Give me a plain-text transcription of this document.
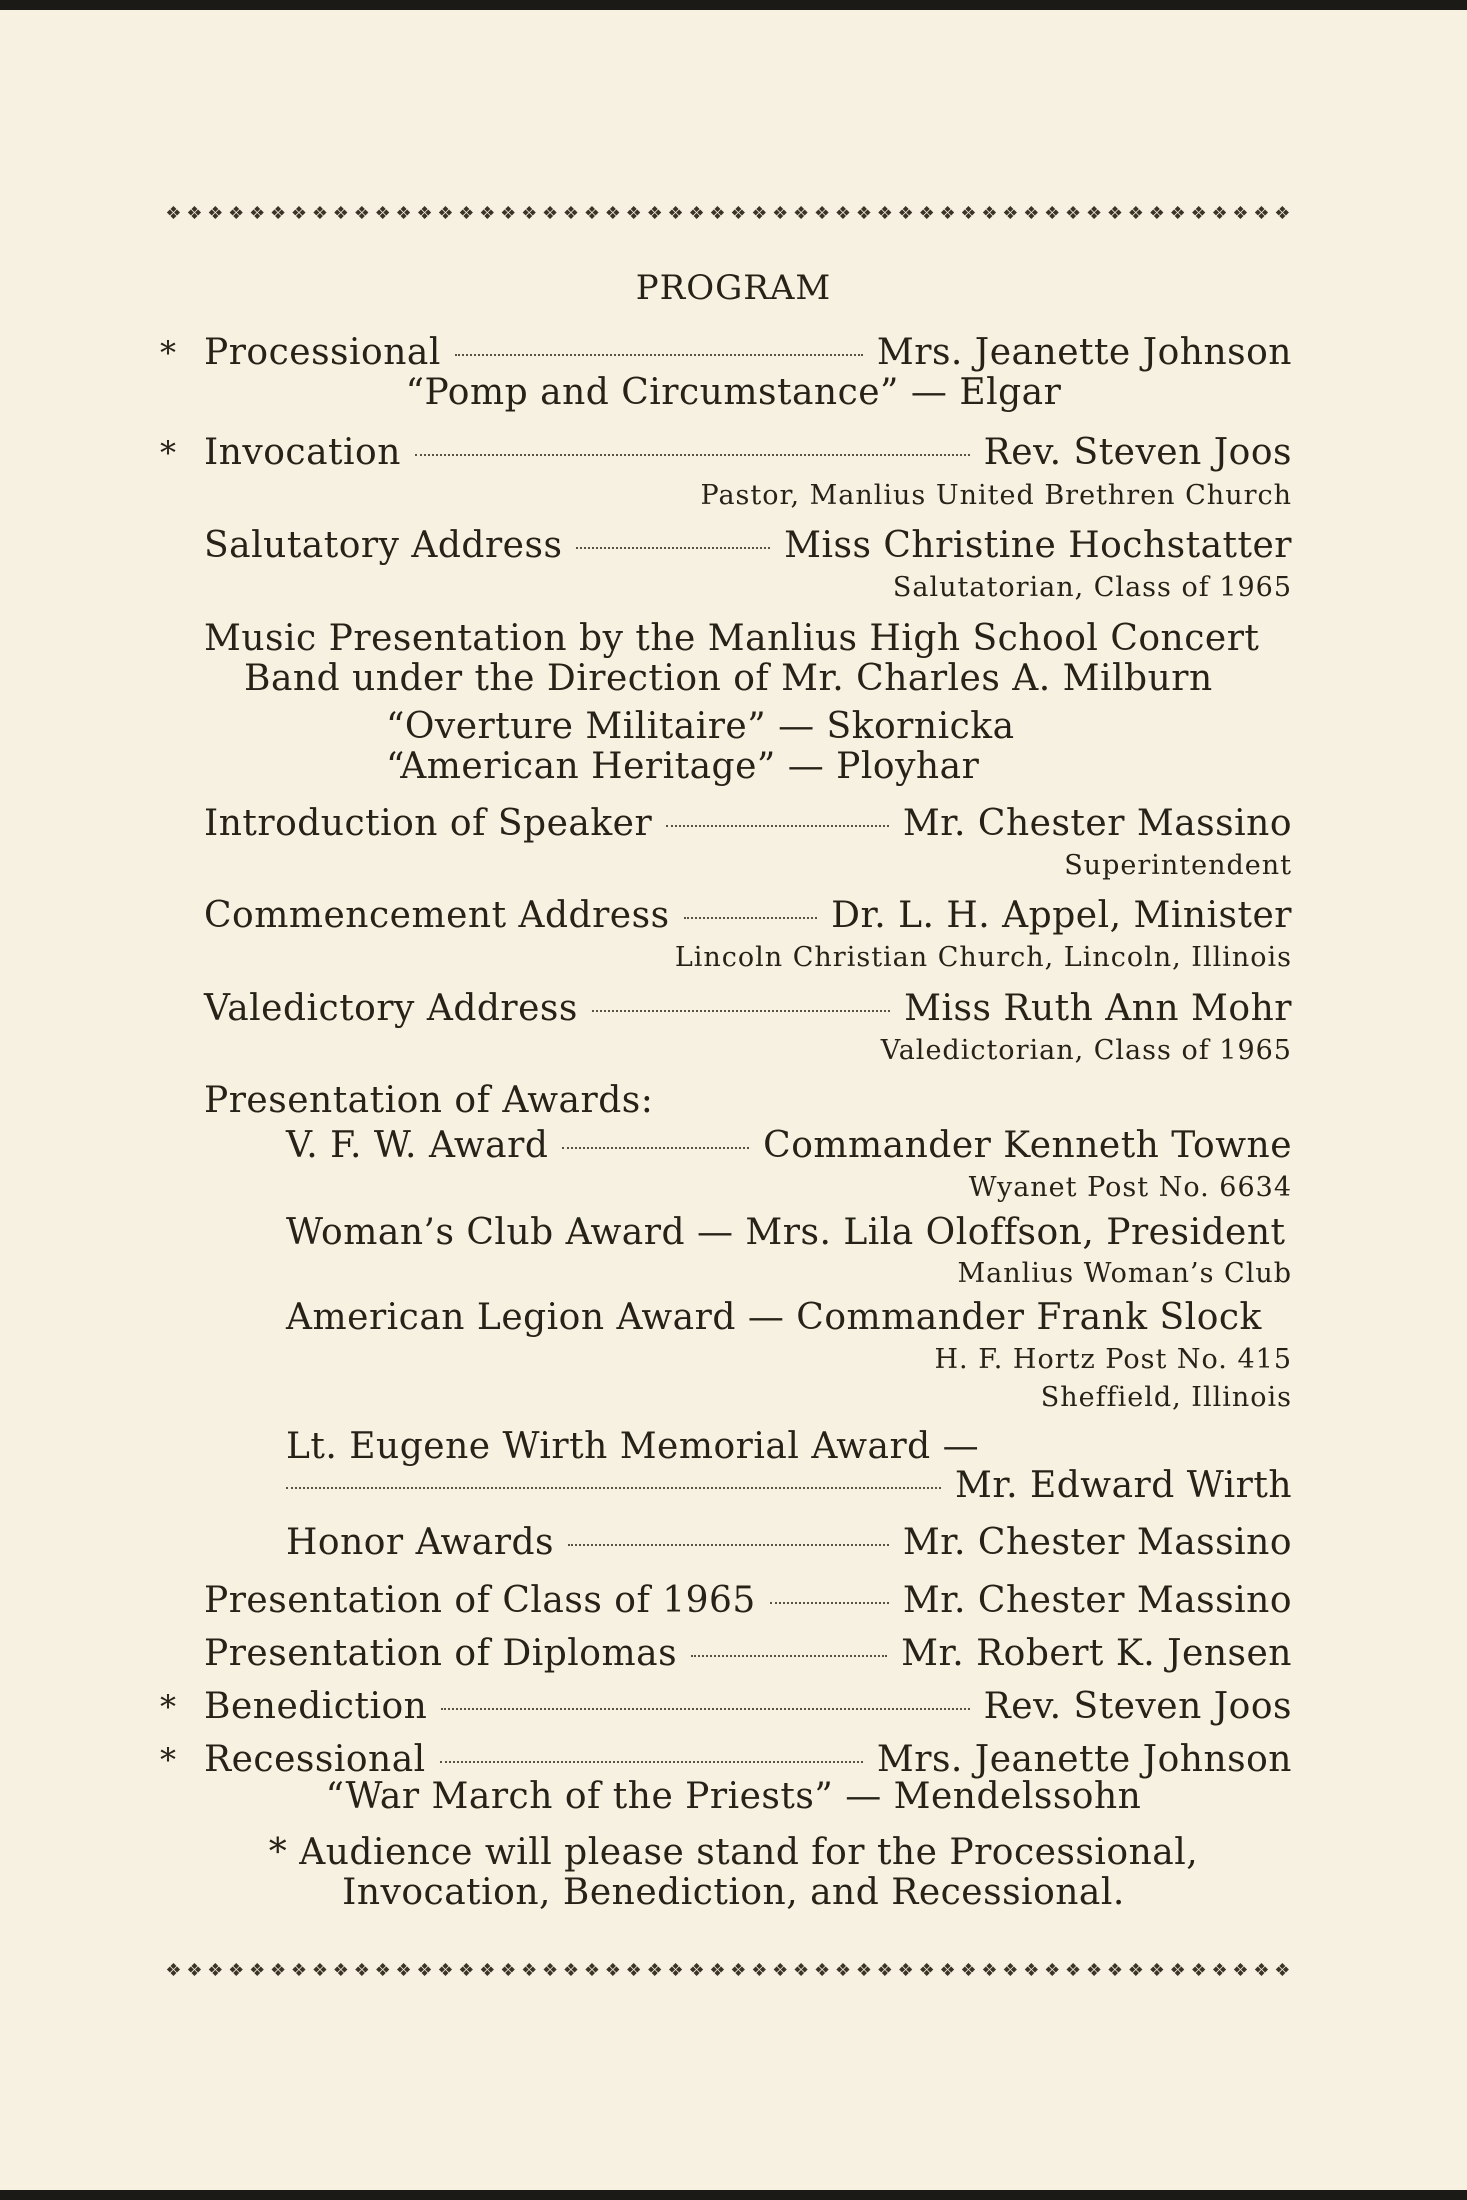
❖ ❖ ❖ ❖ ❖ ❖ ❖ ❖ ❖ ❖ ❖ ❖ ❖ ❖ ❖ ❖ ❖ ❖ ❖ ❖ ❖ ❖ ❖ ❖ ❖ ❖ ❖ ❖ ❖ ❖ ❖ ❖ ❖ ❖ ❖ ❖ ❖ ❖ ❖ ❖ ❖ ❖ ❖ ❖ ❖ ❖ ❖ ❖ ❖ ❖ ❖ ❖ ❖ ❖
PROGRAM
* Processional	Mrs. Jeanette Johnson
“Pomp and Circumstance” — Elgar
* Invocation	Rev. Steven Joos
Pastor, Manlius United Brethren Church
Salutatory Address	Miss Christine Hochstatter
Salutatorian, Class of 1965
Music Presentation by the Manlius High School Concert
Band under the Direction of Mr. Charles A. Milburn
“Overture Militaire” — Skornicka
“American Heritage” — Ployhar
Introduction of Speaker	Mr. Chester Massino
Superintendent
Commencement Address	Dr. L. H. Appel, Minister
Lincoln Christian Church, Lincoln, Illinois
Valedictory Address	Miss Ruth Ann Mohr
Valedictorian, Class of 1965
Presentation of Awards:
V. F. W. Award	Commander Kenneth Towne
Wyanet Post No. 6634
Woman’s Club Award — Mrs. Lila Oloffson, President
Manlius Woman’s Club
American Legion Award — Commander Frank Slock
H. F. Hortz Post No. 415
Sheffield, Illinois
Lt. Eugene Wirth Memorial Award —
Mr. Edward Wirth
Honor Awards	Mr. Chester Massino
Presentation of Class of 1965	Mr. Chester Massino
Presentation of Diplomas	Mr. Robert K. Jensen
* Benediction	Rev. Steven Joos
* Recessional	Mrs. Jeanette Johnson
“War March of the Priests” — Mendelssohn
* Audience will please stand for the Processional,
Invocation, Benediction, and Recessional.
❖ ❖ ❖ ❖ ❖ ❖ ❖ ❖ ❖ ❖ ❖ ❖ ❖ ❖ ❖ ❖ ❖ ❖ ❖ ❖ ❖ ❖ ❖ ❖ ❖ ❖ ❖ ❖ ❖ ❖ ❖ ❖ ❖ ❖ ❖ ❖ ❖ ❖ ❖ ❖ ❖ ❖ ❖ ❖ ❖ ❖ ❖ ❖ ❖ ❖ ❖ ❖ ❖ ❖
